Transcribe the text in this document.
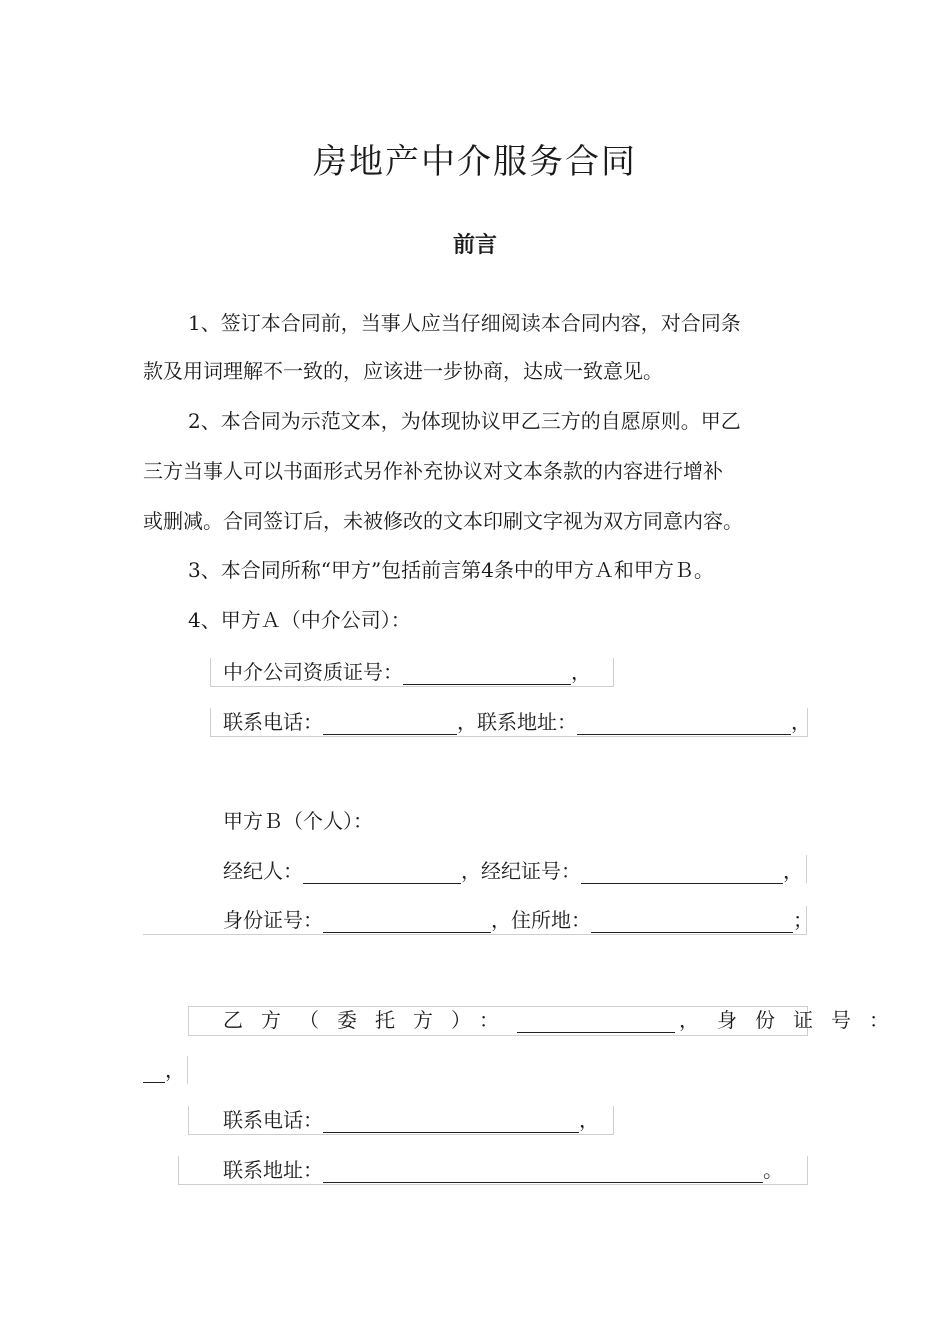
房地产中介服务合同
前言
1、签订本合同前，当事人应当仔细阅读本合同内容，对合同条
款及用词理解不一致的，应该进一步协商，达成一致意见。
2、本合同为示范文本，为体现协议甲乙三方的自愿原则。甲乙
三方当事人可以书面形式另作补充协议对文本条款的内容进行增补
或删减。合同签订后，未被修改的文本印刷文字视为双方同意内容。
3、本合同所称“甲方”包括前言第4条中的甲方Ａ和甲方Ｂ。
4、甲方Ａ（中介公司）：
中介公司资质证号：	，
联系电话：	，联系地址：	，
甲方Ｂ（个人）：
经纪人：	，经纪证号：	，
身份证号：	，住所地：	；
乙方（委托方）：	，身份证号：
，
联系电话：	，
联系地址：	。
